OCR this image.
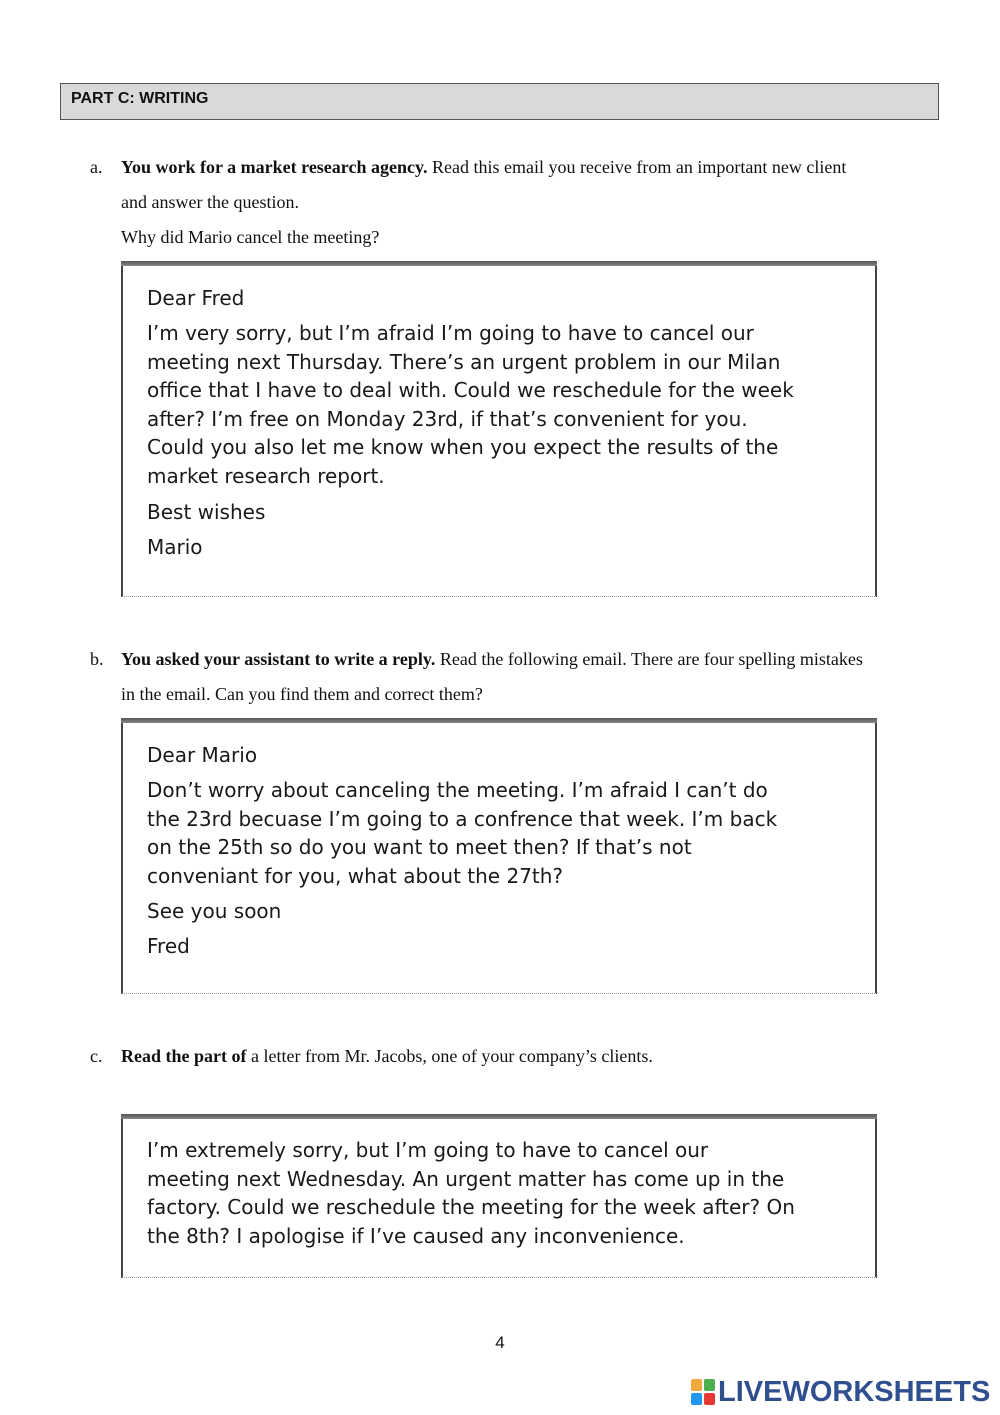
PART C: WRITING
a. You work for a market research agency. Read this email you receive from an important new client
and answer the question.
Why did Mario cancel the meeting?

Dear Fred

I’m very sorry, but I’m afraid I’m going to have to cancel our

meeting next Thursday. There’s an urgent problem in our Milan

office that I have to deal with. Could we reschedule for the week

after? I’m free on Monday 23rd, if that’s convenient for you.

Could you also let me know when you expect the results of the

market research report.

Best wishes

Mario

b. You asked your assistant to write a reply. Read the following email. There are four spelling mistakes
in the email. Can you find them and correct them?

Dear Mario

Don’t worry about canceling the meeting. I’m afraid I can’t do

the 23rd becuase I’m going to a confrence that week. I’m back

on the 25th so do you want to meet then? If that’s not

conveniant for you, what about the 27th?

See you soon

Fred

c. Read the part of a letter from Mr. Jacobs, one of your company’s clients.

I’m extremely sorry, but I’m going to have to cancel our

meeting next Wednesday. An urgent matter has come up in the

factory. Could we reschedule the meeting for the week after? On

the 8th? I apologise if I’ve caused any inconvenience.

4
LIVEWORKSHEETS
